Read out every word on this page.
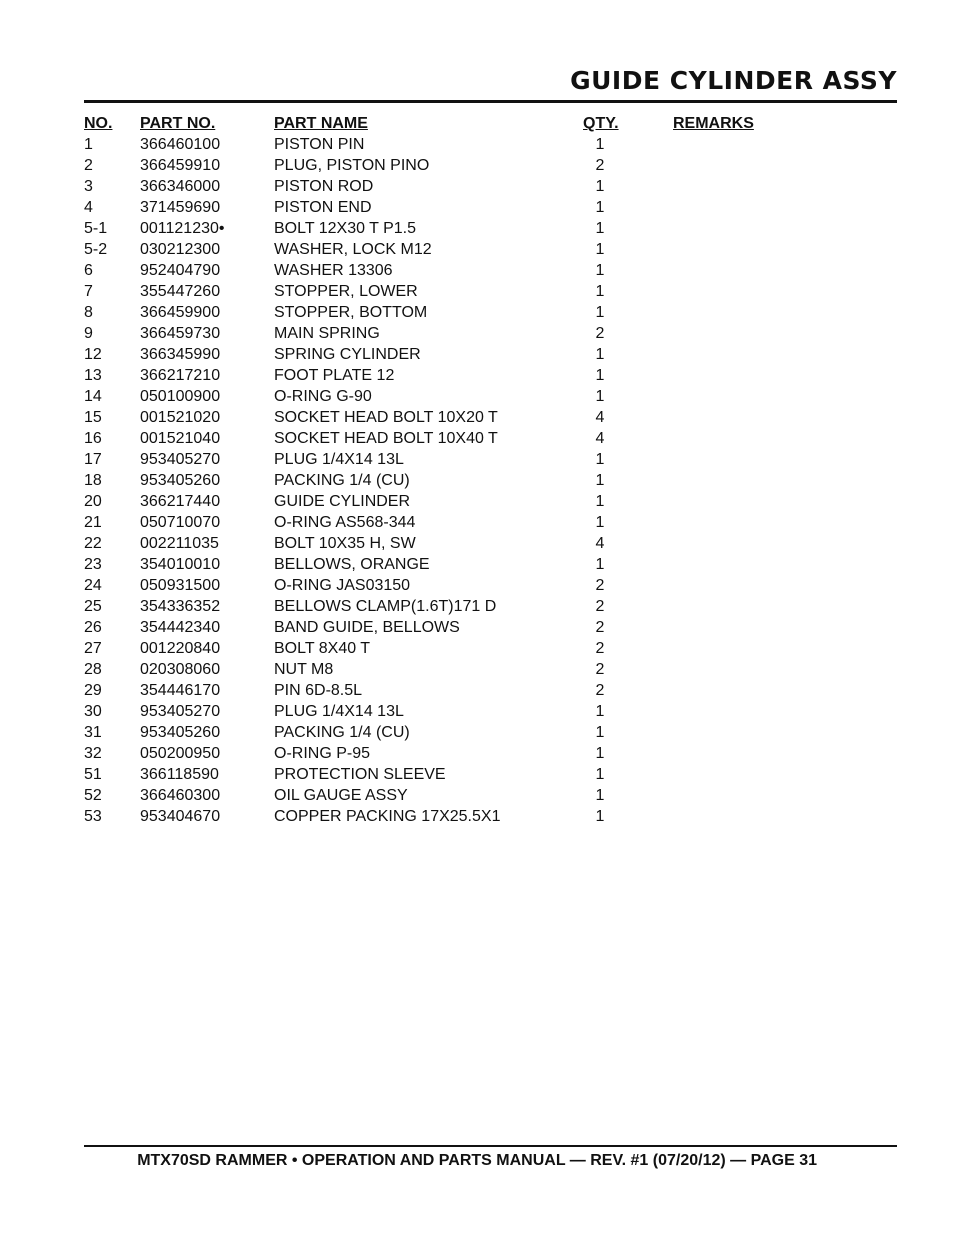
GUIDE CYLINDER ASSY
NO. PART NO.	PART NAME	QTY.	REMARKS
1	366460100	PISTON PIN	1
2	366459910	PLUG, PISTON PINO	2
3	366346000	PISTON ROD	1
4	371459690	PISTON END	1
5-1 001121230•	BOLT 12X30 T P1.5	1
5-2 030212300	WASHER, LOCK M12	1
6	952404790	WASHER 13306	1
7	355447260	STOPPER, LOWER	1
8	366459900	STOPPER, BOTTOM	1
9	366459730	MAIN SPRING	2
12 366345990	SPRING CYLINDER	1
13 366217210	FOOT PLATE 12	1
14 050100900	O-RING G-90	1
15 001521020	SOCKET HEAD BOLT 10X20 T	4
16 001521040	SOCKET HEAD BOLT 10X40 T	4
17 953405270	PLUG 1/4X14 13L	1
18 953405260	PACKING 1/4 (CU)	1
20 366217440	GUIDE CYLINDER	1
21 050710070	O-RING AS568-344	1
22 002211035	BOLT 10X35 H, SW	4
23 354010010	BELLOWS, ORANGE	1
24 050931500	O-RING JAS03150	2
25 354336352	BELLOWS CLAMP(1.6T)171 D	2
26 354442340	BAND GUIDE, BELLOWS	2
27 001220840	BOLT 8X40 T	2
28 020308060	NUT M8	2
29 354446170	PIN 6D-8.5L	2
30 953405270	PLUG 1/4X14 13L	1
31 953405260	PACKING 1/4 (CU)	1
32 050200950	O-RING P-95	1
51 366118590	PROTECTION SLEEVE	1
52 366460300	OIL GAUGE ASSY	1
53 953404670	COPPER PACKING 17X25.5X1	1

MTX70SD RAMMER • OPERATION AND PARTS MANUAL — REV. #1 (07/20/12) — PAGE 31
